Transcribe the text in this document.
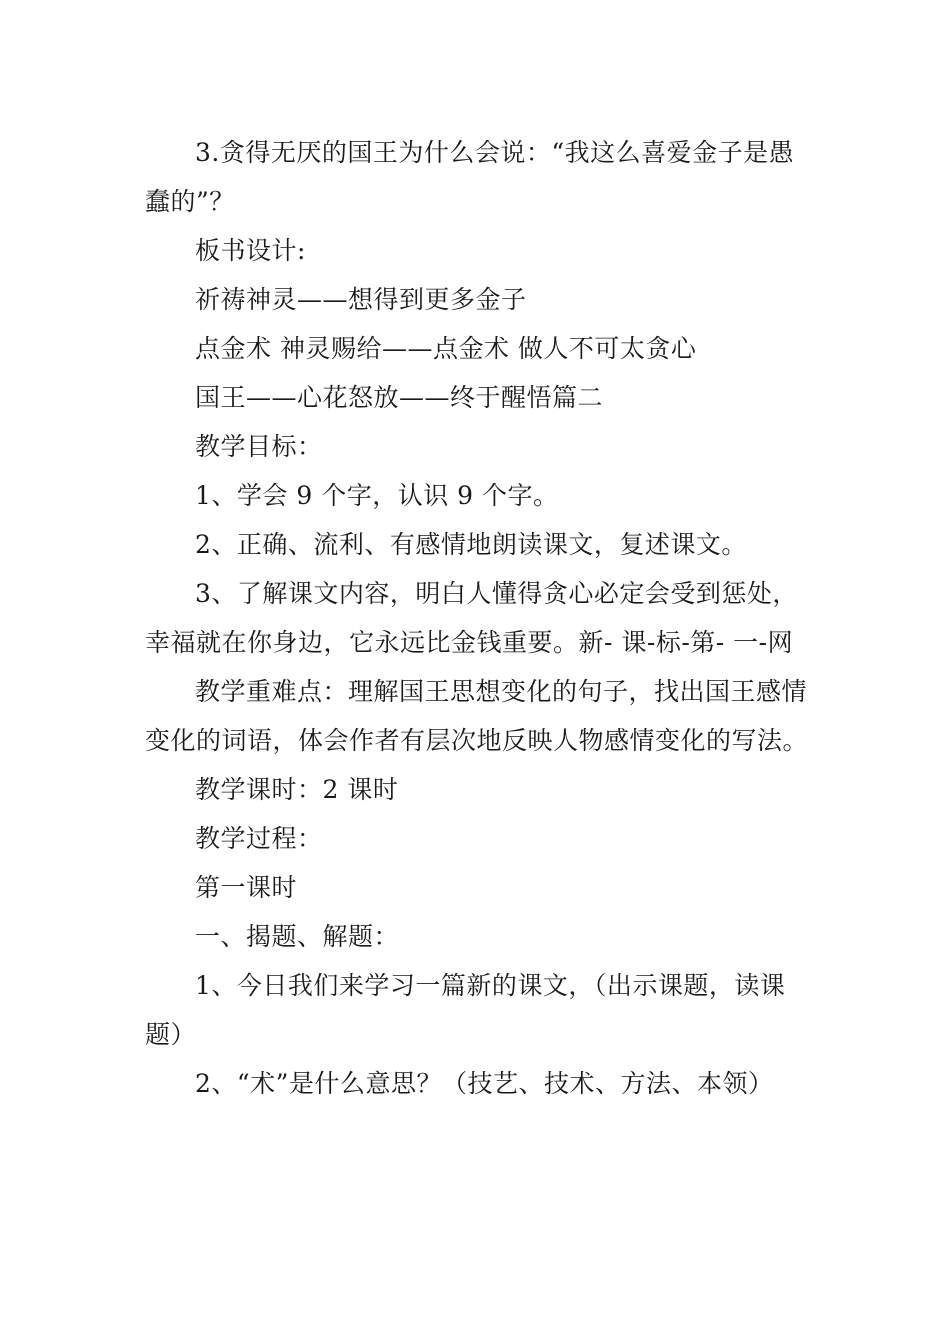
3.贪得无厌的国王为什么会说：“我这么喜爱金子是愚蠢的”？

板书设计:

祈祷神灵——想得到更多金子

点金术 神灵赐给——点金术 做人不可太贪心

国王——心花怒放——终于醒悟篇二

教学目标：

1、学会 9 个字，认识 9 个字。

2、正确、流利、有感情地朗读课文，复述课文。

3、了解课文内容，明白人懂得贪心必定会受到惩处，幸福就在你身边，它永远比金钱重要。新- 课-标-第- 一-网

教学重难点：理解国王思想变化的句子，找出国王感情变化的词语，体会作者有层次地反映人物感情变化的写法。

教学课时：2 课时

教学过程：

第一课时

一、揭题、解题：

1、今日我们来学习一篇新的课文，（出示课题，读课题）

2、“术”是什么意思？（技艺、技术、方法、本领）
